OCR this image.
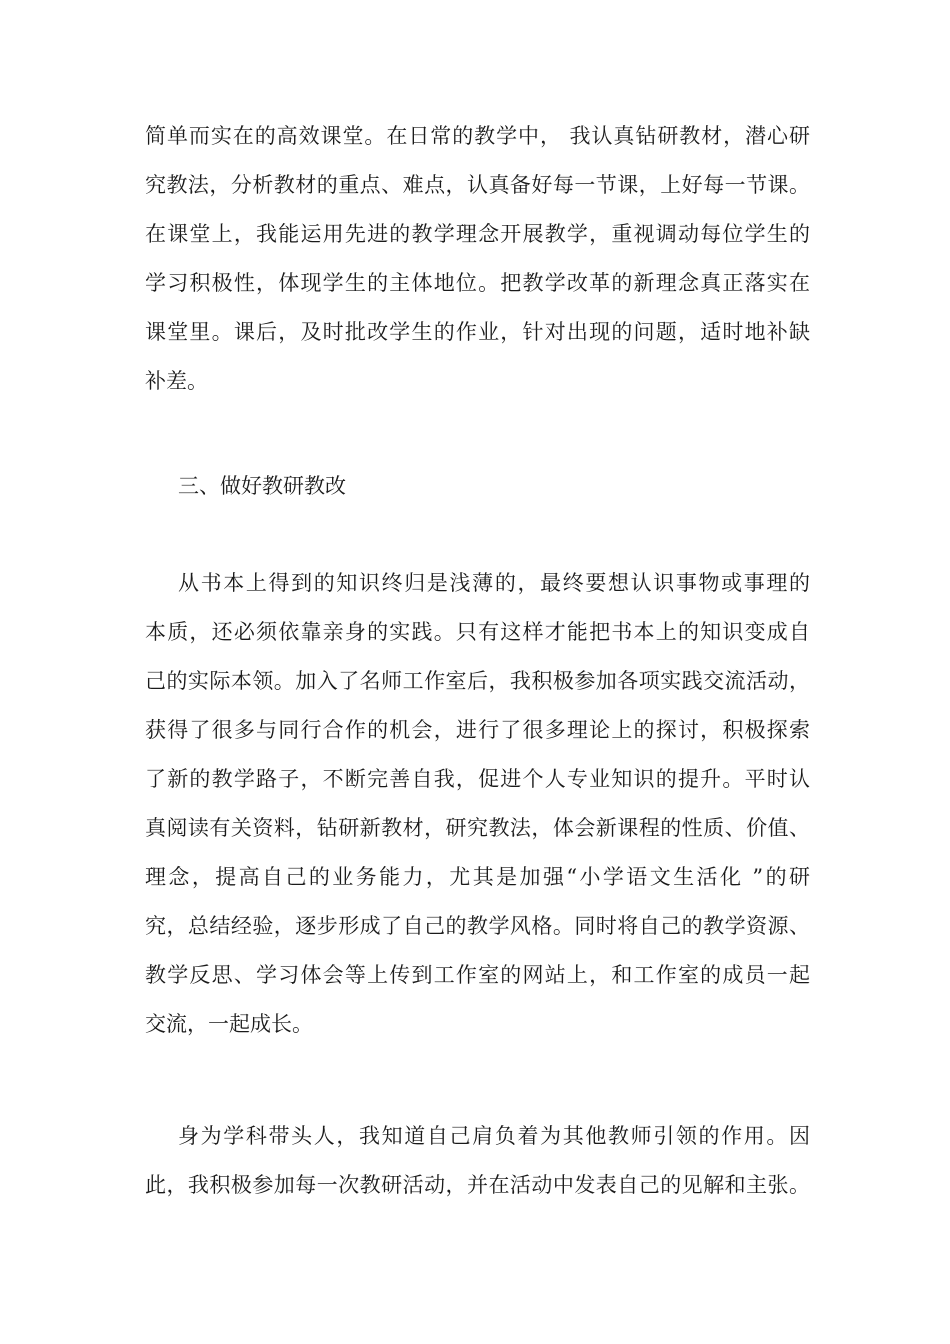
简单而实在的高效课堂。在日常的教学中， 我认真钻研教材，潜心研
究教法，分析教材的重点、难点，认真备好每一节课，上好每一节课。
在课堂上，我能运用先进的教学理念开展教学，重视调动每位学生的
学习积极性，体现学生的主体地位。把教学改革的新理念真正落实在
课堂里。课后，及时批改学生的作业，针对出现的问题，适时地补缺
补差。
三、做好教研教改
从书本上得到的知识终归是浅薄的，最终要想认识事物或事理的
本质，还必须依靠亲身的实践。只有这样才能把书本上的知识变成自
己的实际本领。加入了名师工作室后，我积极参加各项实践交流活动，
获得了很多与同行合作的机会，进行了很多理论上的探讨，积极探索
了新的教学路子，不断完善自我，促进个人专业知识的提升。平时认
真阅读有关资料，钻研新教材，研究教法，体会新课程的性质、价值、
理念，提高自己的业务能力，尤其是加强“小学语文生活化 ”的研
究，总结经验，逐步形成了自己的教学风格。同时将自己的教学资源、
教学反思、学习体会等上传到工作室的网站上，和工作室的成员一起
交流，一起成长。
身为学科带头人，我知道自己肩负着为其他教师引领的作用。因
此，我积极参加每一次教研活动，并在活动中发表自己的见解和主张。
